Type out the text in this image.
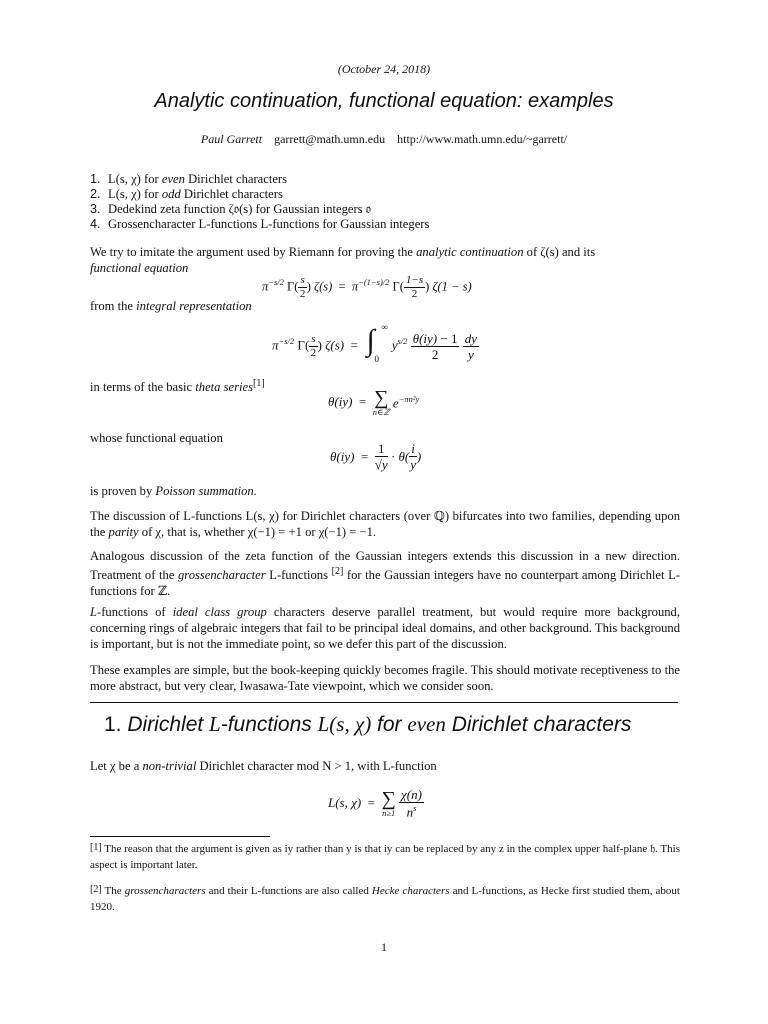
(October 24, 2018)
Analytic continuation, functional equation: examples
Paul Garrett garrett@math.umn.edu http://www.math.umn.edu/~garrett/
1. L(s, χ) for even Dirichlet characters
2. L(s, χ) for odd Dirichlet characters
3. Dedekind zeta function ζ𝔬(s) for Gaussian integers 𝔬
4. Grossencharacter L-functions L-functions for Gaussian integers
We try to imitate the argument used by Riemann for proving the analytic continuation of ζ(s) and its
functional equation
$\pi^{-s/2}$ $\Gamma( \frac{s}{2}$ ) $\zeta(s) = \pi^{-(1-s)/2}$ $\Gamma( \frac{1-s}{2}$ ) ζ(1 − s)
from the integral representation
$\pi^{-s/2}$ $\Gamma( \frac{s}{2}$ ) ζ(s)  = ∫ ∞
0
$y^{s/2} \frac{\theta(iy) - 1}{2}$
$\frac{dy}{y}$
in terms of the basic theta series[1]
θ(iy)  = ∑
n∈ℤ
$e^{-\pi n^2y}$
whose functional equation
$\theta(iy) = \frac{1}{√y} \cdot \theta( \frac{i}{y}$ )
is proven by Poisson summation.
The discussion of L-functions L(s, χ) for Dirichlet characters (over ℚ) bifurcates into two families, depending upon the parity of χ, that is, whether χ(−1) = +1 or χ(−1) = −1.
Analogous discussion of the zeta function of the Gaussian integers extends this discussion in a new direction. Treatment of the grossencharacter L-functions [2] for the Gaussian integers have no counterpart among Dirichlet L-functions for ℤ.
L-functions of ideal class group characters deserve parallel treatment, but would require more background, concerning rings of algebraic integers that fail to be principal ideal domains, and other background. This background is important, but is not the immediate point, so we defer this part of the discussion.
These examples are simple, but the book-keeping quickly becomes fragile. This should motivate receptiveness to the more abstract, but very clear, Iwasawa-Tate viewpoint, which we consider soon.
1. Dirichlet L-functions L(s, χ) for even Dirichlet characters
Let χ be a non-trivial Dirichlet character mod N > 1, with L-function
L(s, χ)  = ∑
n≥1
$\frac{\chi(n)}{n^s}$
[1] The reason that the argument is given as iy rather than y is that iy can be replaced by any z in the complex upper half-plane 𝔥. This aspect is important later.
[2] The grossencharacters and their L-functions are also called Hecke characters and L-functions, as Hecke first studied them, about 1920.
1
